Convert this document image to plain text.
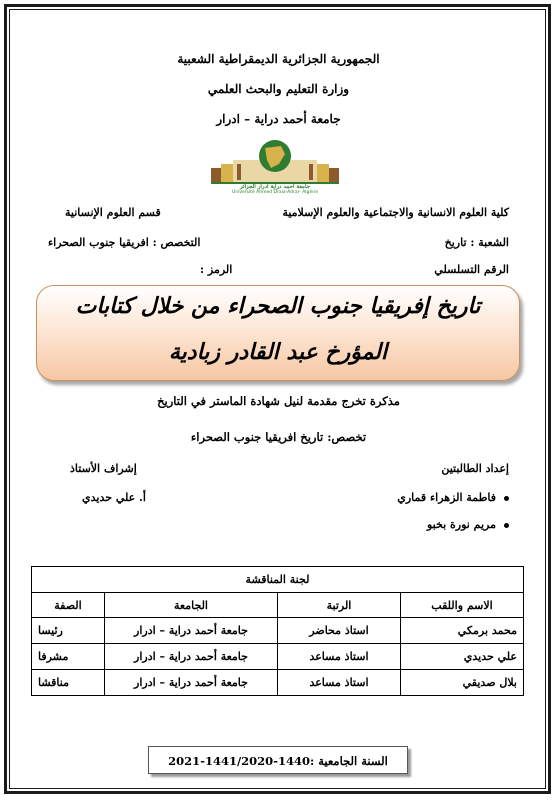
الجمهورية الجزائرية الديمقراطية الشعبية
وزارة التعليم والبحث العلمي
جامعة أحمد دراية – ادرار
جامعة احمد دراية ادرار الجزائر
Université Ahmed Draia-Adrar- Algérie
كلية العلوم الانسانية والاجتماعية والعلوم الإسلامية
قسم العلوم الإنسانية
الشعبة : تاريخ
التخصص : افريقيا جنوب الصحراء
الرقم التسلسلي
الرمز :
تاريخ إفريقيا جنوب الصحراء من خلال كتابات
المؤرخ عبد القادر زبادية
مذكرة تخرج مقدمة لنيل شهادة الماستر في التاريخ
تخصص: تاريخ افريقيا جنوب الصحراء
إعداد الطالبتين
إشراف الأستاذ
فاطمة الزهراء قماري
مريم نورة بخبو
أ. علي حديدي
لجنة المناقشة			
الاسم واللقب	الرتبة	الجامعة	الصفة
محمد برمكي	استاذ محاضر	جامعة أحمد دراية – ادرار	رئيسا
علي حديدي	استاذ مساعد	جامعة أحمد دراية – ادرار	مشرفا
بلال صديقي	استاذ مساعد	جامعة أحمد دراية – ادرار	مناقشا
السنة الجامعية :1440-1441/2020-2021
